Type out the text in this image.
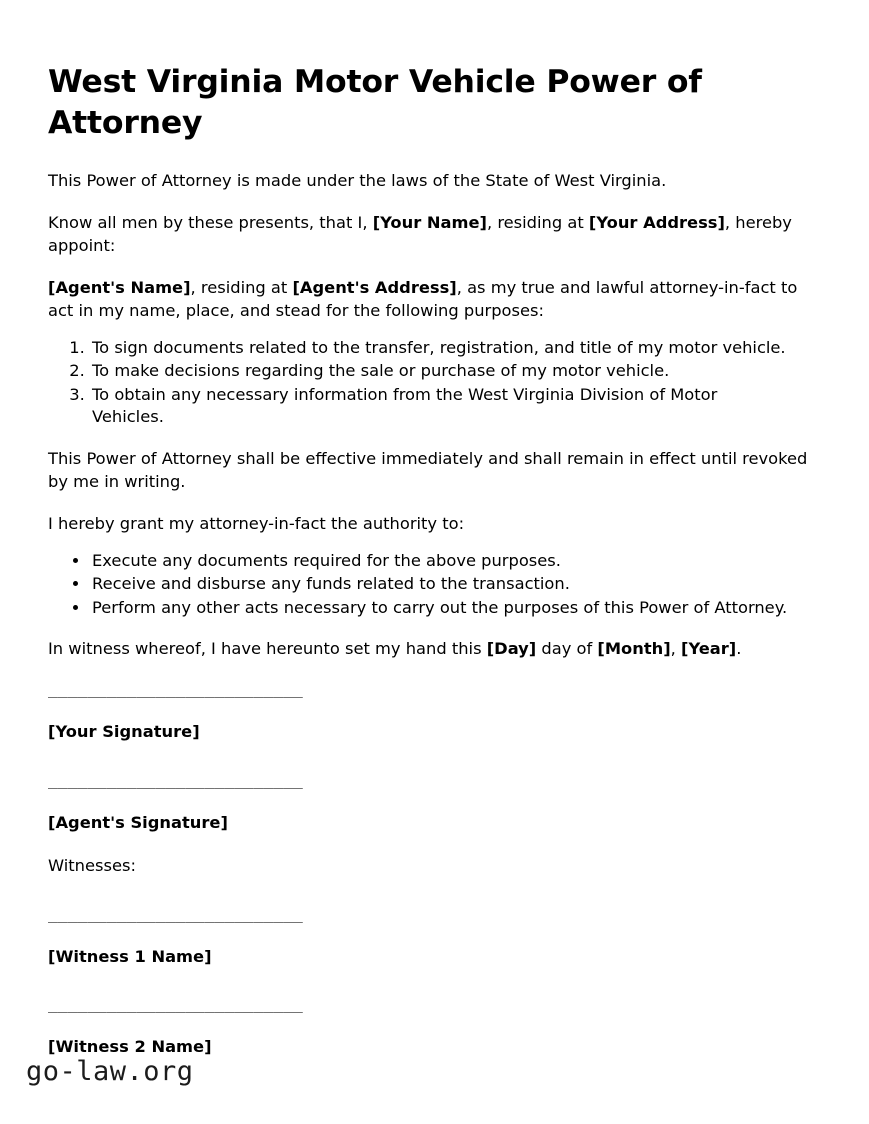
West Virginia Motor Vehicle Power of Attorney

This Power of Attorney is made under the laws of the State of West Virginia.

Know all men by these presents, that I, [Your Name], residing at [Your Address], hereby appoint:

[Agent's Name], residing at [Agent's Address], as my true and lawful attorney-in-fact to act in my name, place, and stead for the following purposes:

1. To sign documents related to the transfer, registration, and title of my motor vehicle.
2. To make decisions regarding the sale or purchase of my motor vehicle.
3. To obtain any necessary information from the West Virginia Division of Motor Vehicles.

This Power of Attorney shall be effective immediately and shall remain in effect until revoked by me in writing.

I hereby grant my attorney-in-fact the authority to:

• Execute any documents required for the above purposes.
• Receive and disburse any funds related to the transaction.
• Perform any other acts necessary to carry out the purposes of this Power of Attorney.

In witness whereof, I have hereunto set my hand this [Day] day of [Month], [Year].

__________________________
[Your Signature]
__________________________
[Agent's Signature]

Witnesses:

__________________________
[Witness 1 Name]
__________________________
[Witness 2 Name]
go-law.org
